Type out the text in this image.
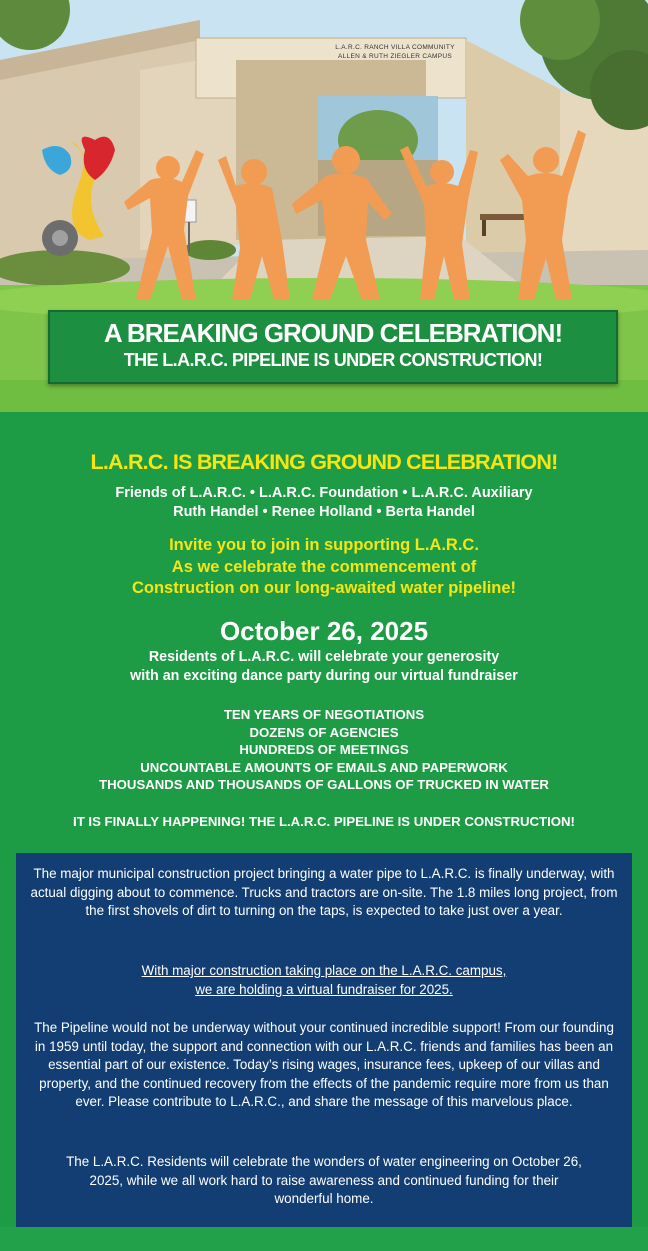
L.A.R.C. RANCH VILLA COMMUNITY
ALLEN & RUTH ZIEGLER CAMPUS
A BREAKING GROUND CELEBRATION!
THE L.A.R.C. PIPELINE IS UNDER CONSTRUCTION!
L.A.R.C. IS BREAKING GROUND CELEBRATION!
Friends of L.A.R.C. • L.A.R.C. Foundation • L.A.R.C. Auxiliary
Ruth Handel • Renee Holland • Berta Handel
Invite you to join in supporting L.A.R.C.
As we celebrate the commencement of
Construction on our long-awaited water pipeline!
October 26, 2025
Residents of L.A.R.C. will celebrate your generosity
with an exciting dance party during our virtual fundraiser
TEN YEARS OF NEGOTIATIONS
DOZENS OF AGENCIES
HUNDREDS OF MEETINGS
UNCOUNTABLE AMOUNTS OF EMAILS AND PAPERWORK
THOUSANDS AND THOUSANDS OF GALLONS OF TRUCKED IN WATER
IT IS FINALLY HAPPENING! THE L.A.R.C. PIPELINE IS UNDER CONSTRUCTION!

The major municipal construction project bringing a water pipe to L.A.R.C. is finally underway, with actual digging about to commence. Trucks and tractors are on-site. The 1.8 miles long project, from the first shovels of dirt to turning on the taps, is expected to take just over a year.

With major construction taking place on the L.A.R.C. campus,

we are holding a virtual fundraiser for 2025.

The Pipeline would not be underway without your continued incredible support! From our founding in 1959 until today, the support and connection with our L.A.R.C. friends and families has been an essential part of our existence. Today’s rising wages, insurance fees, upkeep of our villas and property, and the continued recovery from the effects of the pandemic require more from us than ever. Please contribute to L.A.R.C., and share the message of this marvelous place.

The L.A.R.C. Residents will celebrate the wonders of water engineering on October 26, 2025, while we all work hard to raise awareness and continued funding for their wonderful home.
